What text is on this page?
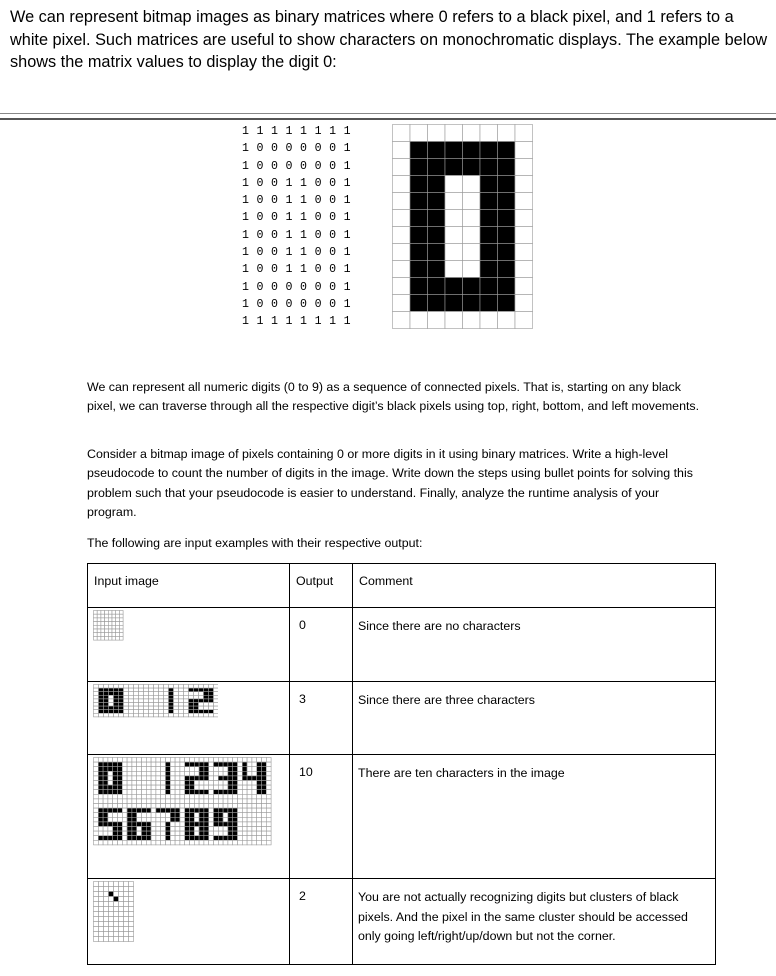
We can represent bitmap images as binary matrices where 0 refers to a black pixel, and 1 refers to a white pixel. Such matrices are useful to show characters on monochromatic displays. The example below shows the matrix values to display the digit 0:
1 1 1 1 1 1 1 1
1 0 0 0 0 0 0 1
1 0 0 0 0 0 0 1
1 0 0 1 1 0 0 1
1 0 0 1 1 0 0 1
1 0 0 1 1 0 0 1
1 0 0 1 1 0 0 1
1 0 0 1 1 0 0 1
1 0 0 1 1 0 0 1
1 0 0 0 0 0 0 1
1 0 0 0 0 0 0 1
1 1 1 1 1 1 1 1
We can represent all numeric digits (0 to 9) as a sequence of connected pixels. That is, starting on any black pixel, we can traverse through all the respective digit’s black pixels using top, right, bottom, and left movements.
Consider a bitmap image of pixels containing 0 or more digits in it using binary matrices. Write a high-level pseudocode to count the number of digits in the image. Write down the steps using bullet points for solving this problem such that your pseudocode is easier to understand. Finally, analyze the runtime analysis of your program.
The following are input examples with their respective output:
Input image	Output	Comment

0	Since there are no characters

3	Since there are three characters

10	There are ten characters in the image

2	You are not actually recognizing digits but clusters of black pixels. And the pixel in the same cluster should be accessed only going left/right/up/down but not the corner.
